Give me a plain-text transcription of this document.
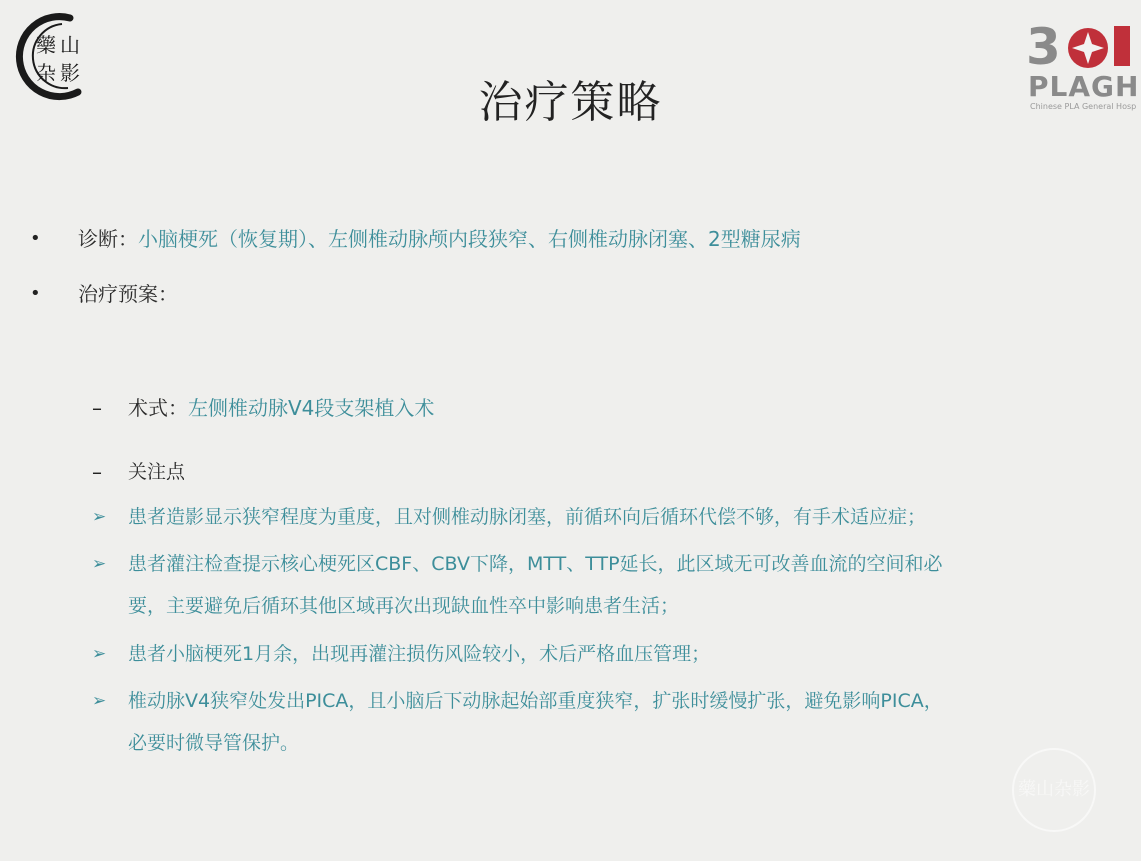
藥 山
杂 影	3
PLAGH
Chinese PLA General Hosp
治疗策略
• 诊断：小脑梗死（恢复期）、左侧椎动脉颅内段狭窄、右侧椎动脉闭塞、2型糖尿病
• 治疗预案：
– 术式：左侧椎动脉V4段支架植入术
– 关注点
➢ 患者造影显示狭窄程度为重度，且对侧椎动脉闭塞，前循环向后循环代偿不够，有手术适应症；
➢ 患者灌注检查提示核心梗死区CBF、CBV下降，MTT、TTP延长，此区域无可改善血流的空间和必
要，主要避免后循环其他区域再次出现缺血性卒中影响患者生活；
➢ 患者小脑梗死1月余，出现再灌注损伤风险较小，术后严格血压管理；
➢ 椎动脉V4狭窄处发出PICA，且小脑后下动脉起始部重度狭窄，扩张时缓慢扩张，避免影响PICA，
必要时微导管保护。
藥山杂影
